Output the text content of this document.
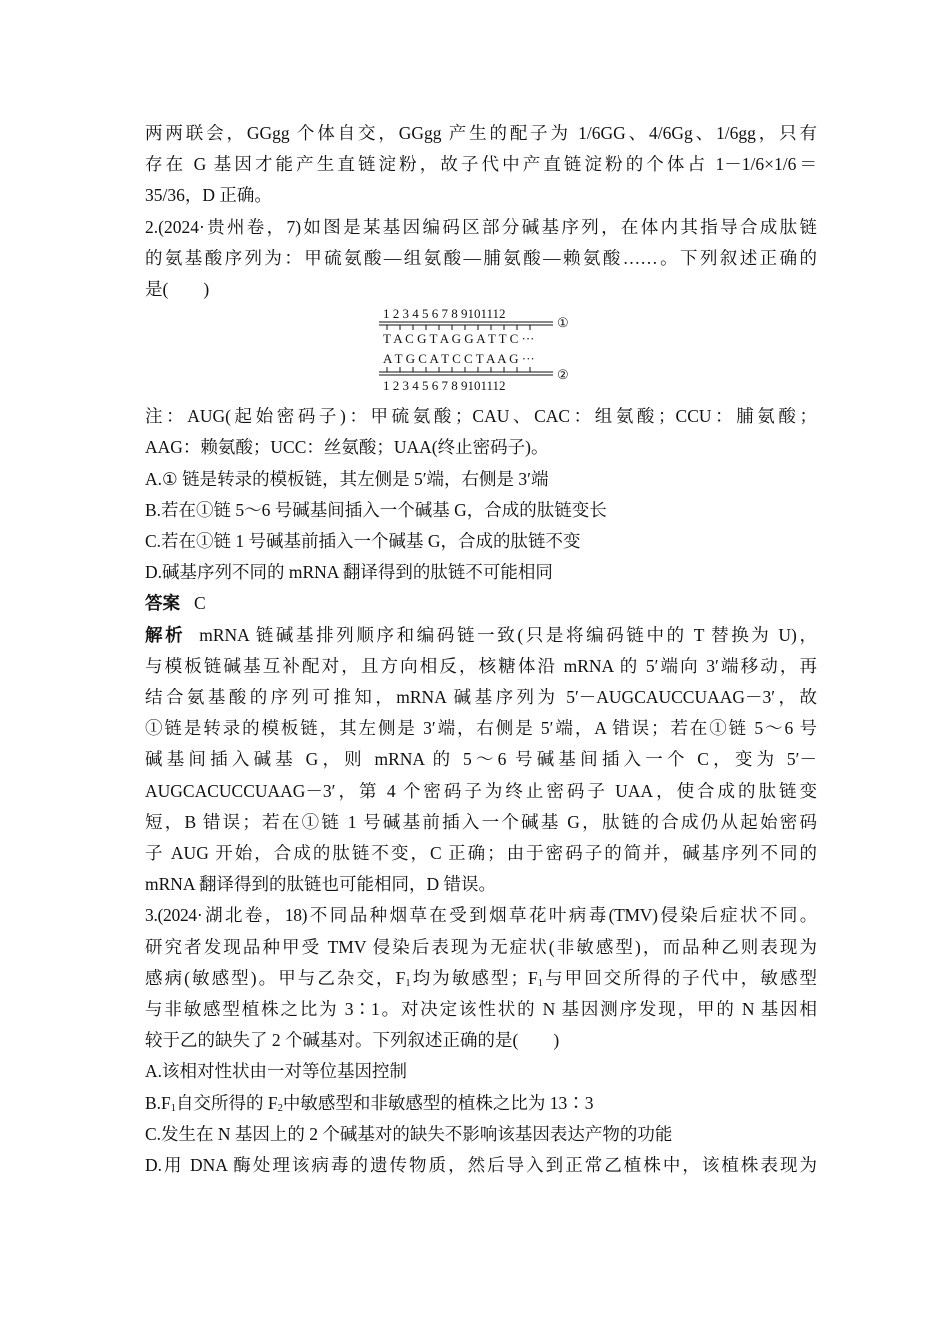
两两联会，GGgg 个体自交，GGgg 产生的配子为 1/6GG、4/6Gg、1/6gg，只有

存在 G 基因才能产生直链淀粉，故子代中产直链淀粉的个体占 1－1/6×1/6＝

35/36，D 正确。

2.(2024·贵州卷，7)如图是某基因编码区部分碱基序列，在体内其指导合成肽链

的氨基酸序列为：甲硫氨酸—组氨酸—脯氨酸—赖氨酸……。下列叙述正确的

是(　　)

1 2 3 4 5 6 7 8 9101112
①
T A C G T A G G A T T C ···
A T G C A T C C T A A G ···
②
1 2 3 4 5 6 7 8 9101112

注：AUG(起始密码子)：甲硫氨酸；CAU、CAC：组氨酸；CCU：脯氨酸；

AAG：赖氨酸；UCC：丝氨酸；UAA(终止密码子)。

A.① 链是转录的模板链，其左侧是 5′端，右侧是 3′端

B.若在①链 5～6 号碱基间插入一个碱基 G，合成的肽链变长

C.若在①链 1 号碱基前插入一个碱基 G，合成的肽链不变

D.碱基序列不同的 mRNA 翻译得到的肽链不可能相同

答案 C

解析 mRNA 链碱基排列顺序和编码链一致(只是将编码链中的 T 替换为 U)，

与模板链碱基互补配对，且方向相反，核糖体沿 mRNA 的 5′端向 3′端移动，再

结合氨基酸的序列可推知，mRNA 碱基序列为 5′－AUGCAUCCUAAG－3′，故

①链是转录的模板链，其左侧是 3′端，右侧是 5′端，A 错误；若在①链 5～6 号

碱基间插入碱基 G，则 mRNA 的 5～6 号碱基间插入一个 C，变为 5′－

AUGCACUCCUAAG－3′，第 4 个密码子为终止密码子 UAA，使合成的肽链变

短，B 错误；若在①链 1 号碱基前插入一个碱基 G，肽链的合成仍从起始密码

子 AUG 开始，合成的肽链不变，C 正确；由于密码子的简并，碱基序列不同的

mRNA 翻译得到的肽链也可能相同，D 错误。

3.(2024·湖北卷，18)不同品种烟草在受到烟草花叶病毒(TMV)侵染后症状不同。

研究者发现品种甲受 TMV 侵染后表现为无症状(非敏感型)，而品种乙则表现为

感病(敏感型)。甲与乙杂交，$F_1$均为敏感型；$F_1$与甲回交所得的子代中，敏感型

与非敏感型植株之比为 3∶1。对决定该性状的 N 基因测序发现，甲的 N 基因相

较于乙的缺失了 2 个碱基对。下列叙述正确的是(　　)

A.该相对性状由一对等位基因控制

$B.F_1$自交所得的 $F_2$中敏感型和非敏感型的植株之比为 13∶3

C.发生在 N 基因上的 2 个碱基对的缺失不影响该基因表达产物的功能

D.用 DNA 酶处理该病毒的遗传物质，然后导入到正常乙植株中，该植株表现为
